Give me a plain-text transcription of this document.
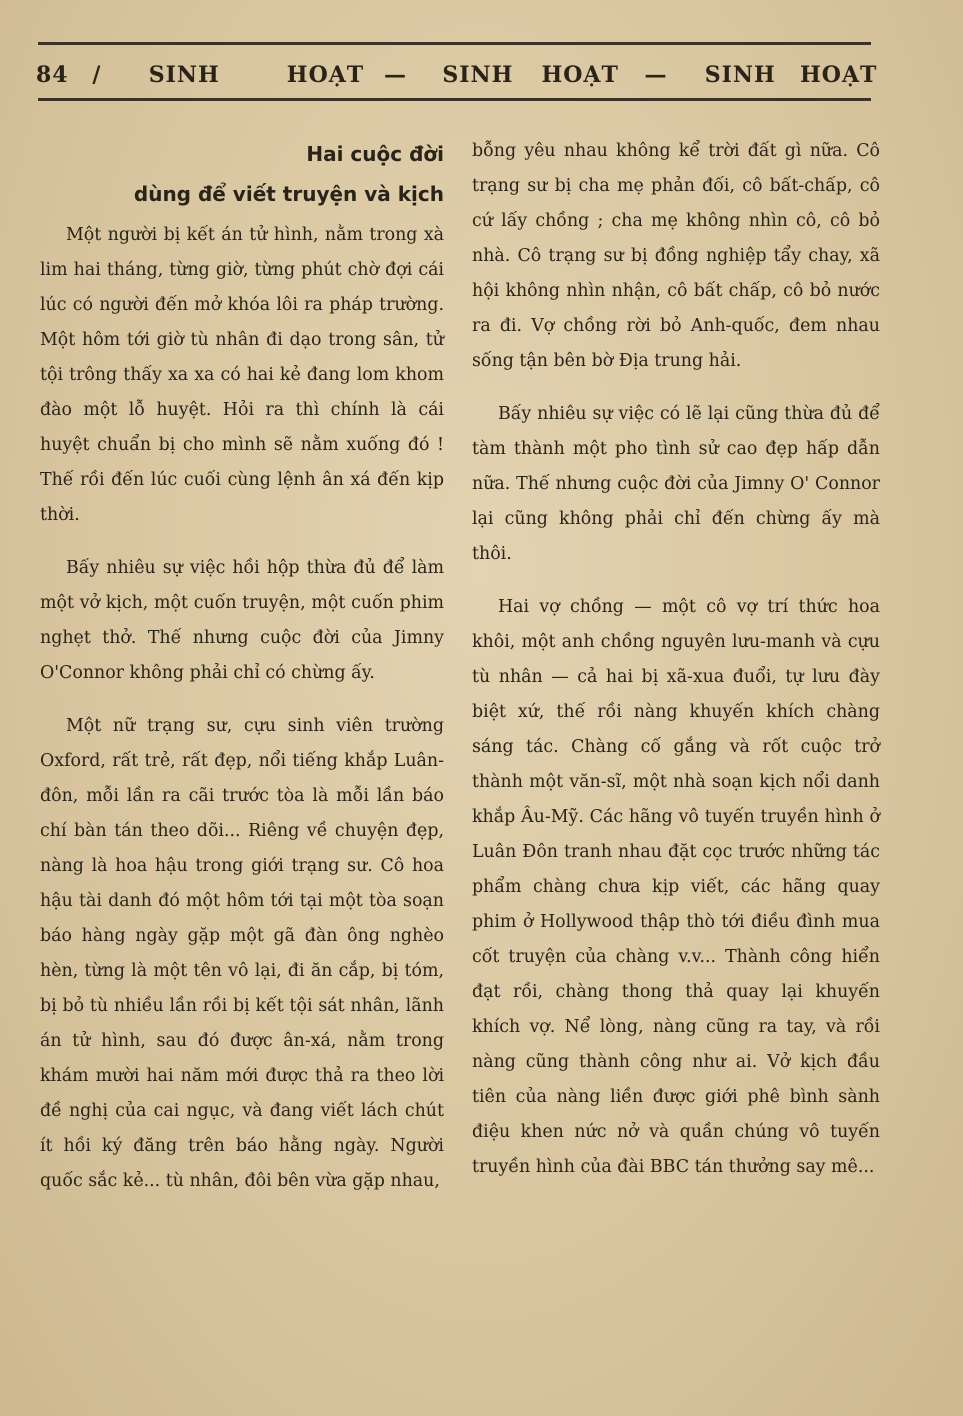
84	/	SINH	HOẠT —	SINH	HOẠT	—	SINH	HOẠT
Hai cuộc đời
dùng để viết truyện và kịch

Một người bị kết án tử hình, nằm trong xà lim hai tháng, từng giờ, từng phút chờ đợi cái lúc có người đến mở khóa lôi ra pháp trường. Một hôm tới giờ tù nhân đi dạo trong sân, tử tội trông thấy xa xa có hai kẻ đang lom khom đào một lỗ huyệt. Hỏi ra thì chính là cái huyệt chuẩn bị cho mình sẽ nằm xuống đó ! Thế rồi đến lúc cuối cùng lệnh ân xá đến kịp thời.

Bấy nhiêu sự việc hồi hộp thừa đủ để làm một vở kịch, một cuốn truyện, một cuốn phim nghẹt thở. Thế nhưng cuộc đời của Jimny O'Connor không phải chỉ có chừng ấy.

Một nữ trạng sư, cựu sinh viên trường Oxford, rất trẻ, rất đẹp, nổi tiếng khắp Luân-đôn, mỗi lần ra cãi trước tòa là mỗi lần báo chí bàn tán theo dõi... Riêng về chuyện đẹp, nàng là hoa hậu trong giới trạng sư. Cô hoa hậu tài danh đó một hôm tới tại một tòa soạn báo hàng ngày gặp một gã đàn ông nghèo hèn, từng là một tên vô lại, đi ăn cắp, bị tóm, bị bỏ tù nhiều lần rồi bị kết tội sát nhân, lãnh án tử hình, sau đó được ân-xá, nằm trong khám mười hai năm mới được thả ra theo lời đề nghị của cai ngục, và đang viết lách chút ít hồi ký đăng trên báo hằng ngày. Người quốc sắc kẻ... tù nhân, đôi bên vừa gặp nhau,

bỗng yêu nhau không kể trời đất gì nữa. Cô trạng sư bị cha mẹ phản đối, cô bất-chấp, cô cứ lấy chồng ; cha mẹ không nhìn cô, cô bỏ nhà. Cô trạng sư bị đồng nghiệp tẩy chay, xã hội không nhìn nhận, cô bất chấp, cô bỏ nước ra đi. Vợ chồng rời bỏ Anh-quốc, đem nhau sống tận bên bờ Địa trung hải.

Bấy nhiêu sự việc có lẽ lại cũng thừa đủ để tàm thành một pho tình sử cao đẹp hấp dẫn nữa. Thế nhưng cuộc đời của Jimny O' Connor lại cũng không phải chỉ đến chừng ấy mà thôi.

Hai vợ chồng — một cô vợ trí thức hoa khôi, một anh chồng nguyên lưu-manh và cựu tù nhân — cả hai bị xã-xua đuổi, tự lưu đày biệt xứ, thế rồi nàng khuyến khích chàng sáng tác. Chàng cố gắng và rốt cuộc trở thành một văn-sĩ, một nhà soạn kịch nổi danh khắp Âu-Mỹ. Các hãng vô tuyến truyền hình ở Luân Đôn tranh nhau đặt cọc trước những tác phẩm chàng chưa kịp viết, các hãng quay phim ở Hollywood thập thò tới điều đình mua cốt truyện của chàng v.v... Thành công hiển đạt rồi, chàng thong thả quay lại khuyến khích vợ. Nể lòng, nàng cũng ra tay, và rồi nàng cũng thành công như ai. Vở kịch đầu tiên của nàng liền được giới phê bình sành điệu khen nức nở và quần chúng vô tuyến truyền hình của đài BBC tán thưởng say mê...
